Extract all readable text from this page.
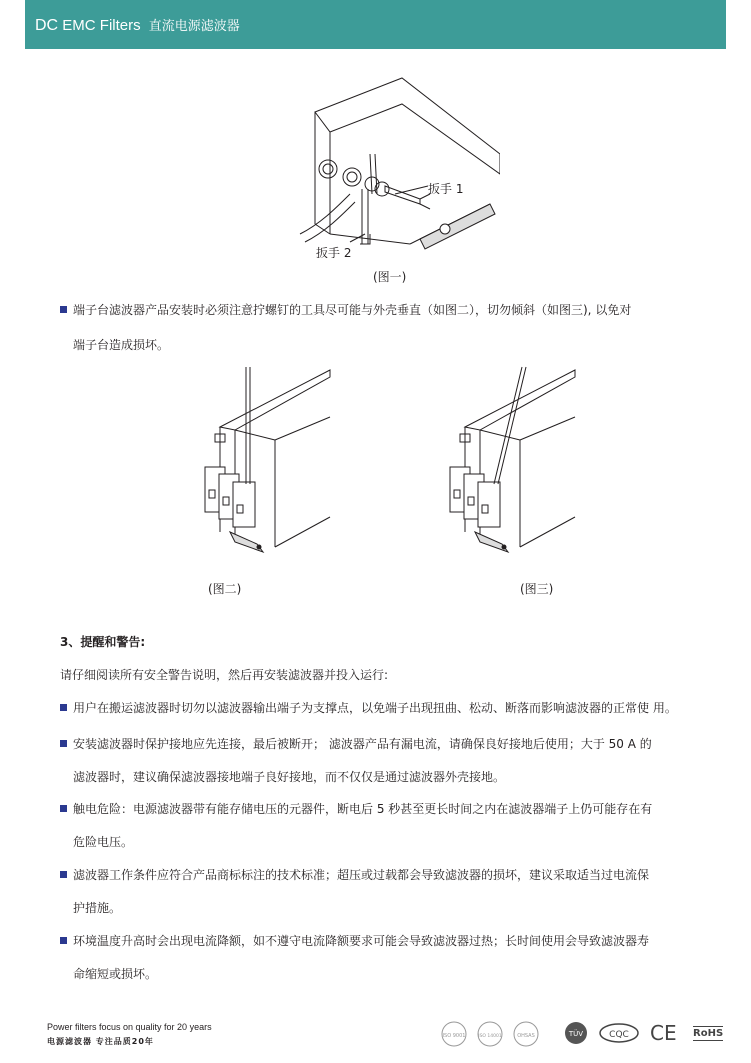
DC EMC Filters 直流电源滤波器
扳手 1
扳手 2
(图一)
端子台滤波器产品安装时必须注意拧螺钉的工具尽可能与外壳垂直（如图二），切勿倾斜（如图三), 以免对
端子台造成损坏。
(图二)	(图三)
3、提醒和警告:
请仔细阅读所有安全警告说明，然后再安装滤波器并投入运行:
用户在搬运滤波器时切勿以滤波器输出端子为支撑点，以免端子出现扭曲、松动、断落而影响滤波器的正常使 用。
安装滤波器时保护接地应先连接，最后被断开； 滤波器产品有漏电流，请确保良好接地后使用；大于 50 A 的
滤波器时，建议确保滤波器接地端子良好接地，而不仅仅是通过滤波器外壳接地。
触电危险：电源滤波器带有能存储电压的元器件，断电后 5 秒甚至更长时间之内在滤波器端子上仍可能存在有
危险电压。
滤波器工作条件应符合产品商标标注的技术标准；超压或过载都会导致滤波器的损坏，建议采取适当过电流保
护措施。
环境温度升高时会出现电流降额，如不遵守电流降额要求可能会导致滤波器过热；长时间使用会导致滤波器寿
命缩短或损坏。
Power filters focus on quality for 20 years
电源滤波器 专注品质20年
ISO 9001	ISO 14001	OHSAS	TÜV	CQC CE RoHS
